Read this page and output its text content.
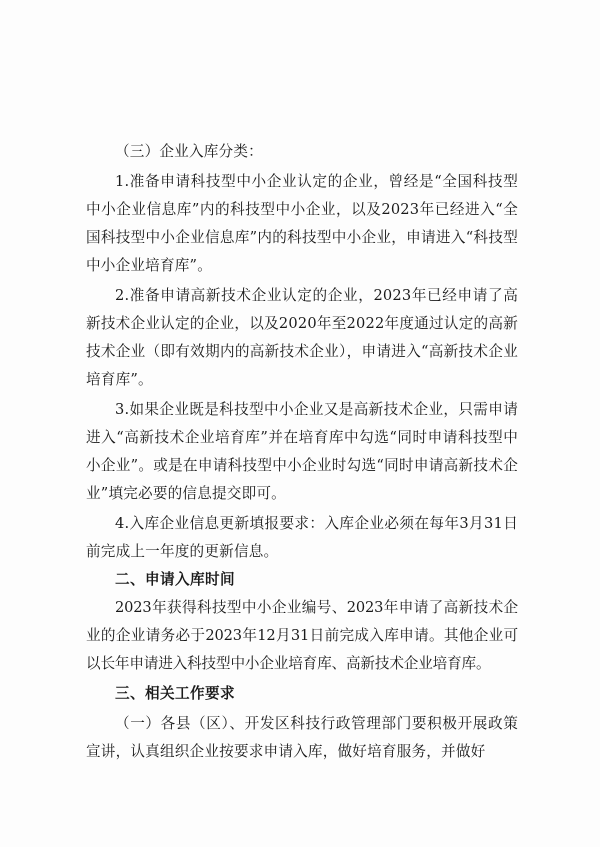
（三）企业入库分类：

1.准备申请科技型中小企业认定的企业，曾经是“全国科技型中小企业信息库”内的科技型中小企业，以及2023年已经进入“全国科技型中小企业信息库”内的科技型中小企业，申请进入“科技型中小企业培育库”。

2.准备申请高新技术企业认定的企业，2023年已经申请了高新技术企业认定的企业，以及2020年至2022年度通过认定的高新技术企业（即有效期内的高新技术企业），申请进入“高新技术企业培育库”。

3.如果企业既是科技型中小企业又是高新技术企业，只需申请进入“高新技术企业培育库”并在培育库中勾选“同时申请科技型中小企业”。或是在申请科技型中小企业时勾选“同时申请高新技术企业”填完必要的信息提交即可。

4.入库企业信息更新填报要求：入库企业必须在每年3月31日前完成上一年度的更新信息。

二、申请入库时间

2023年获得科技型中小企业编号、2023年申请了高新技术企业的企业请务必于2023年12月31日前完成入库申请。其他企业可以长年申请进入科技型中小企业培育库、高新技术企业培育库。

三、相关工作要求

（一）各县（区）、开发区科技行政管理部门要积极开展政策宣讲，认真组织企业按要求申请入库，做好培育服务，并做好
